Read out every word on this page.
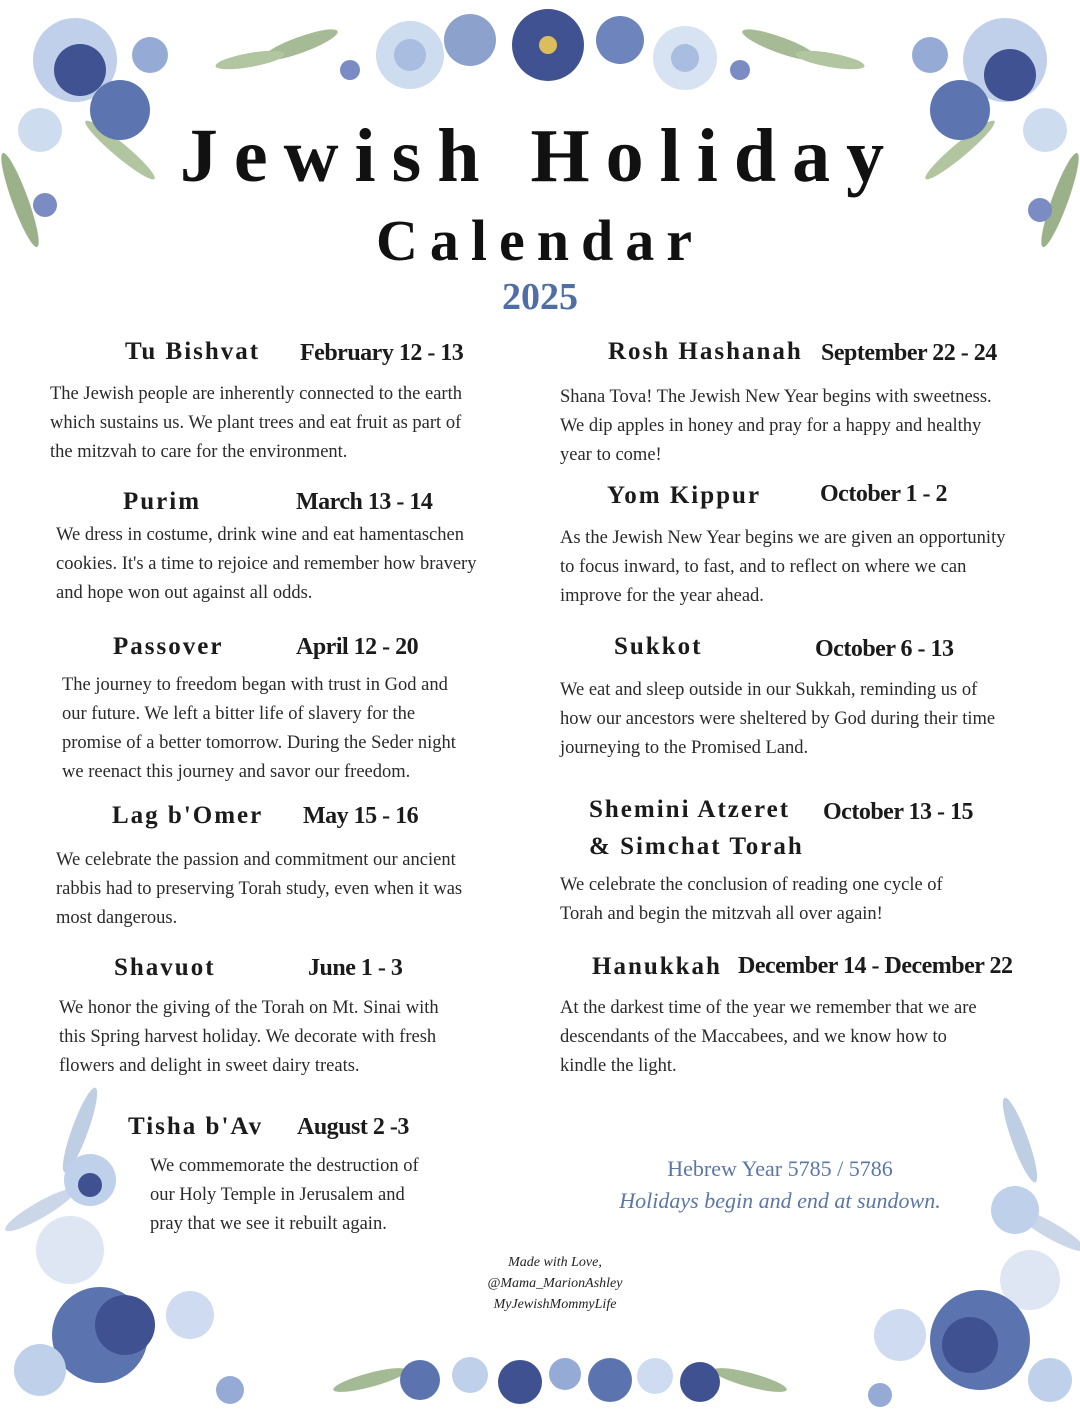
Jewish Holiday
Calendar
2025
Tu Bishvat February 12 - 13
The Jewish people are inherently connected to the earth which sustains us. We plant trees and eat fruit as part of the mitzvah to care for the environment.
Purim	March 13 - 14
We dress in costume, drink wine and eat hamentaschen cookies. It's a time to rejoice and remember how bravery and hope won out against all odds.
Passover	April 12 - 20
The journey to freedom began with trust in God and our future. We left a bitter life of slavery for the promise of a better tomorrow. During the Seder night we reenact this journey and savor our freedom.
Lag b'Omer May 15 - 16
We celebrate the passion and commitment our ancient rabbis had to preserving Torah study, even when it was most dangerous.
Shavuot	June 1 - 3
We honor the giving of the Torah on Mt. Sinai with this Spring harvest holiday. We decorate with fresh flowers and delight in sweet dairy treats.
Tisha b'Av August 2 -3
We commemorate the destruction of our Holy Temple in Jerusalem and pray that we see it rebuilt again.
Rosh Hashanah September 22 - 24
Shana Tova! The Jewish New Year begins with sweetness. We dip apples in honey and pray for a happy and healthy year to come!
Yom Kippur October 1 - 2
As the Jewish New Year begins we are given an opportunity to focus inward, to fast, and to reflect on where we can improve for the year ahead.
Sukkot	October 6 - 13
We eat and sleep outside in our Sukkah, reminding us of how our ancestors were sheltered by God during their time journeying to the Promised Land.
Shemini Atzeret
& Simchat Torah
October 13 - 15
We celebrate the conclusion of reading one cycle of Torah and begin the mitzvah all over again!
Hanukkah December 14 - December 22
At the darkest time of the year we remember that we are descendants of the Maccabees, and we know how to kindle the light.
Hebrew Year 5785 / 5786
Holidays begin and end at sundown.
Made with Love,
@Mama_MarionAshley
MyJewishMommyLife
